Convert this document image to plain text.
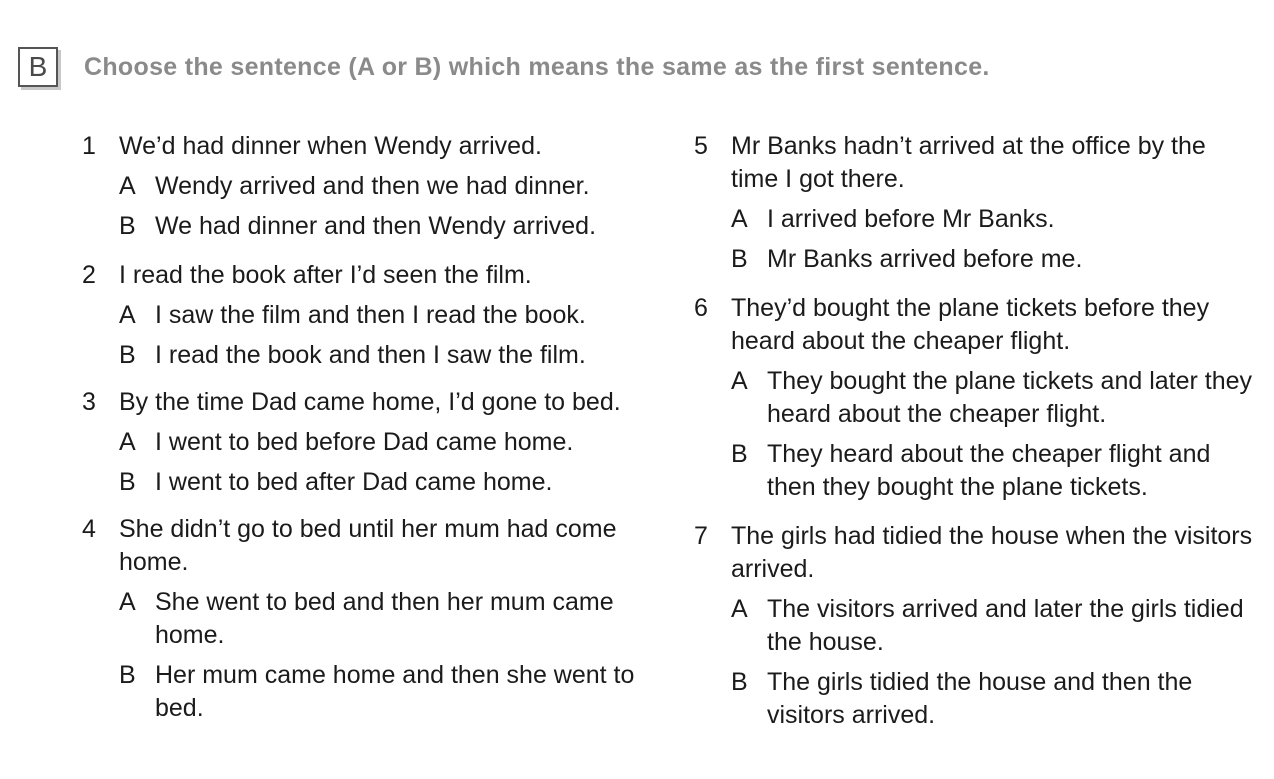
B	Choose the sentence (A or B) which means the same as the first sentence.
1 We’d had dinner when Wendy arrived.
A Wendy arrived and then we had dinner.
B We had dinner and then Wendy arrived.
2 I read the book after I’d seen the film.
A I saw the film and then I read the book.
B I read the book and then I saw the film.
3 By the time Dad came home, I’d gone to bed.
A I went to bed before Dad came home.
B I went to bed after Dad came home.
4 She didn’t go to bed until her mum had come home.
A She went to bed and then her mum came home.
B Her mum came home and then she went to bed.
5 Mr Banks hadn’t arrived at the office by the time I got there.
A I arrived before Mr Banks.
B Mr Banks arrived before me.
6 They’d bought the plane tickets before they heard about the cheaper flight.
A They bought the plane tickets and later they heard about the cheaper flight.
B They heard about the cheaper flight and then they bought the plane tickets.
7 The girls had tidied the house when the visitors arrived.
A The visitors arrived and later the girls tidied the house.
B The girls tidied the house and then the visitors arrived.
